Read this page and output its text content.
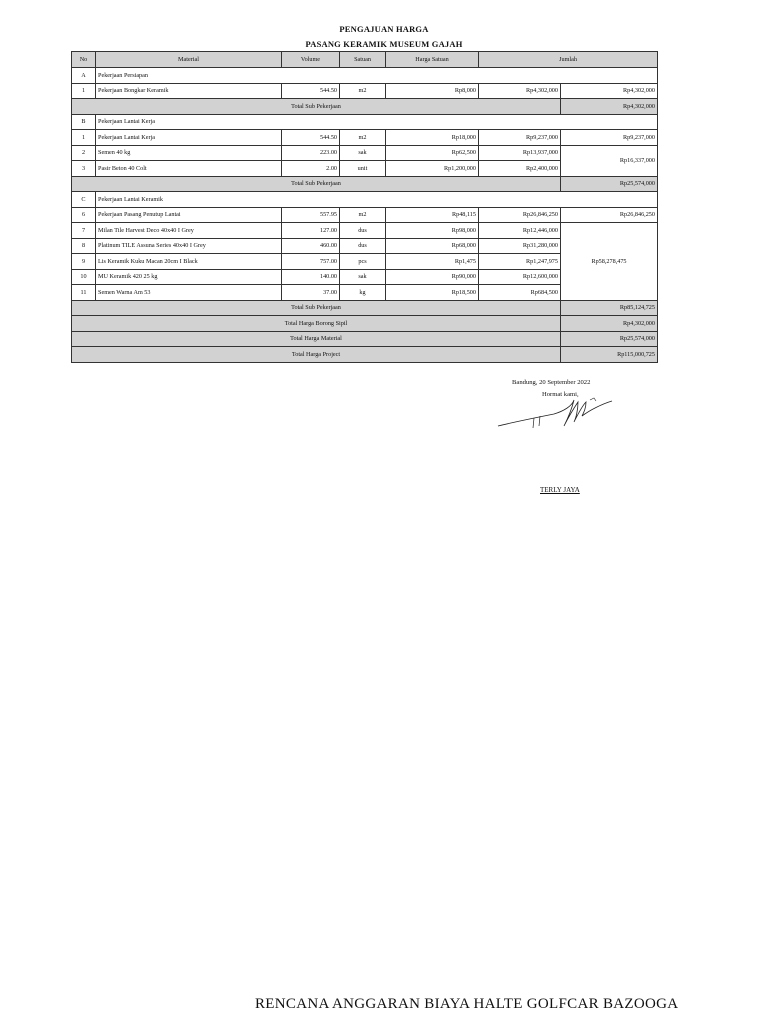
PENGAJUAN HARGA
PASANG KERAMIK MUSEUM GAJAH
No	Material	Volume	Satuan	Harga Satuan	Jumlah	
A	Pekerjaan Persiapan					
1	Pekerjaan Bongkar Keramik	544.50	m2	Rp8,000	Rp4,302,000	Rp4,302,000
Total Sub Pekerjaan						Rp4,302,000
B	Pekerjaan Lantai Kerja					
1	Pekerjaan Lantai Kerja	544.50	m2	Rp18,000	Rp9,237,000	Rp9,237,000
2	Semen 40 kg	223.00	sak	Rp62,500	Rp13,937,000	Rp16,337,000
3	Pasir Beton 40 Colt	2.00	unit	Rp1,200,000	Rp2,400,000	
Total Sub Pekerjaan						Rp25,574,000
C	Pekerjaan Lantai Keramik					
6	Pekerjaan Pasang Penutup Lantai	557.95	m2	Rp48,115	Rp26,846,250	Rp26,846,250
7	Milan Tile Harvest Deco 40x40 I Grey	127.00	dus	Rp98,000	Rp12,446,000	Rp58,278,475
8	Platinum TILE Assuna Series 40x40 I Grey	460.00	dus	Rp68,000	Rp31,280,000	
9	Lis Keramik Kuku Macan 20cm I Black	757.00	pcs	Rp1,475	Rp1,247,975	
10	MU Keramik 420 25 kg	140.00	sak	Rp90,000	Rp12,600,000	
11	Semen Warna Am 53	37.00	kg	Rp18,500	Rp684,500	
Total Sub Pekerjaan						Rp85,124,725
Total Harga Borong Sipil						Rp4,302,000
Total Harga Material						Rp25,574,000
Total Harga Project						Rp115,000,725
Bandung, 20 September 2022
Hormat kami,
TERLY JAYA
RENCANA ANGGARAN BIAYA HALTE GOLFCAR BAZOOGA
